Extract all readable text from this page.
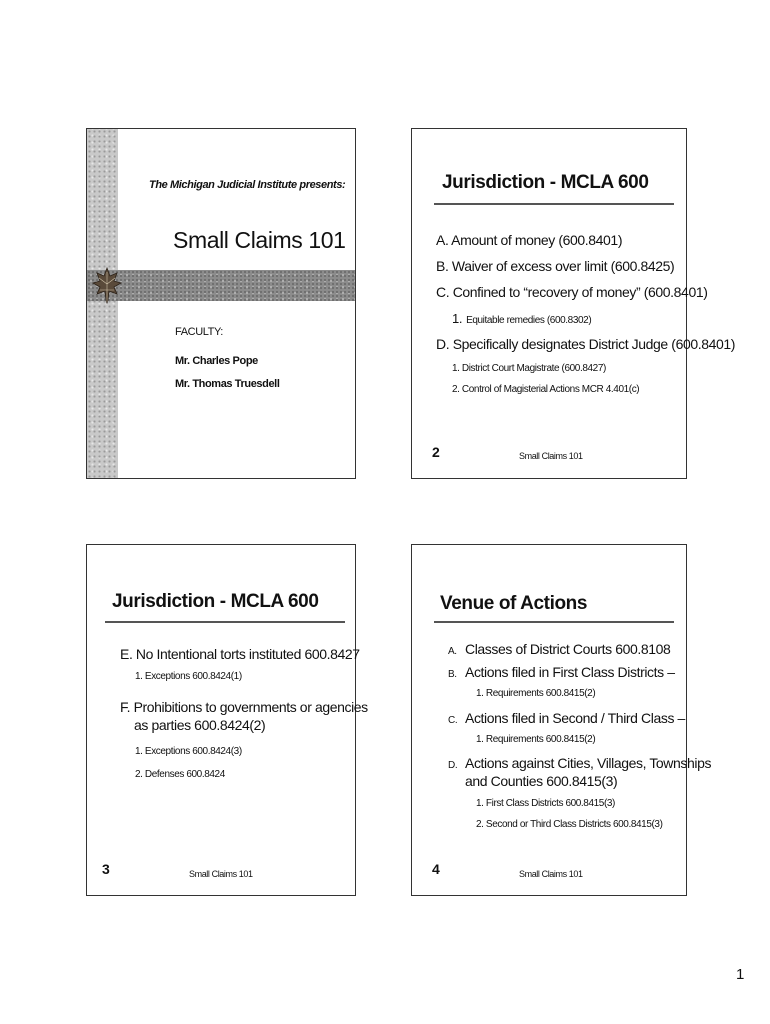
The Michigan Judicial Institute presents:
Small Claims 101
FACULTY:
Mr. Charles Pope
Mr. Thomas Truesdell
Jurisdiction - MCLA 600
A. Amount of money (600.8401)
B. Waiver of excess over limit (600.8425)
C. Confined to “recovery of money” (600.8401)
1. Equitable remedies (600.8302)
D. Specifically designates District Judge (600.8401)
1. District Court Magistrate (600.8427)
2. Control of Magisterial Actions MCR 4.401(c)
2	Small Claims 101
Jurisdiction - MCLA 600
E. No Intentional torts instituted 600.8427
1. Exceptions 600.8424(1)
F. Prohibitions to governments or agencies
as parties 600.8424(2)
1. Exceptions 600.8424(3)
2. Defenses 600.8424
3	Small Claims 101
Venue of Actions
A. Classes of District Courts 600.8108
B. Actions filed in First Class Districts –
1. Requirements 600.8415(2)
C. Actions filed in Second / Third Class –
1. Requirements 600.8415(2)
D. Actions against Cities, Villages, Townships
and Counties 600.8415(3)
1. First Class Districts 600.8415(3)
2. Second or Third Class Districts 600.8415(3)
4	Small Claims 101
1
